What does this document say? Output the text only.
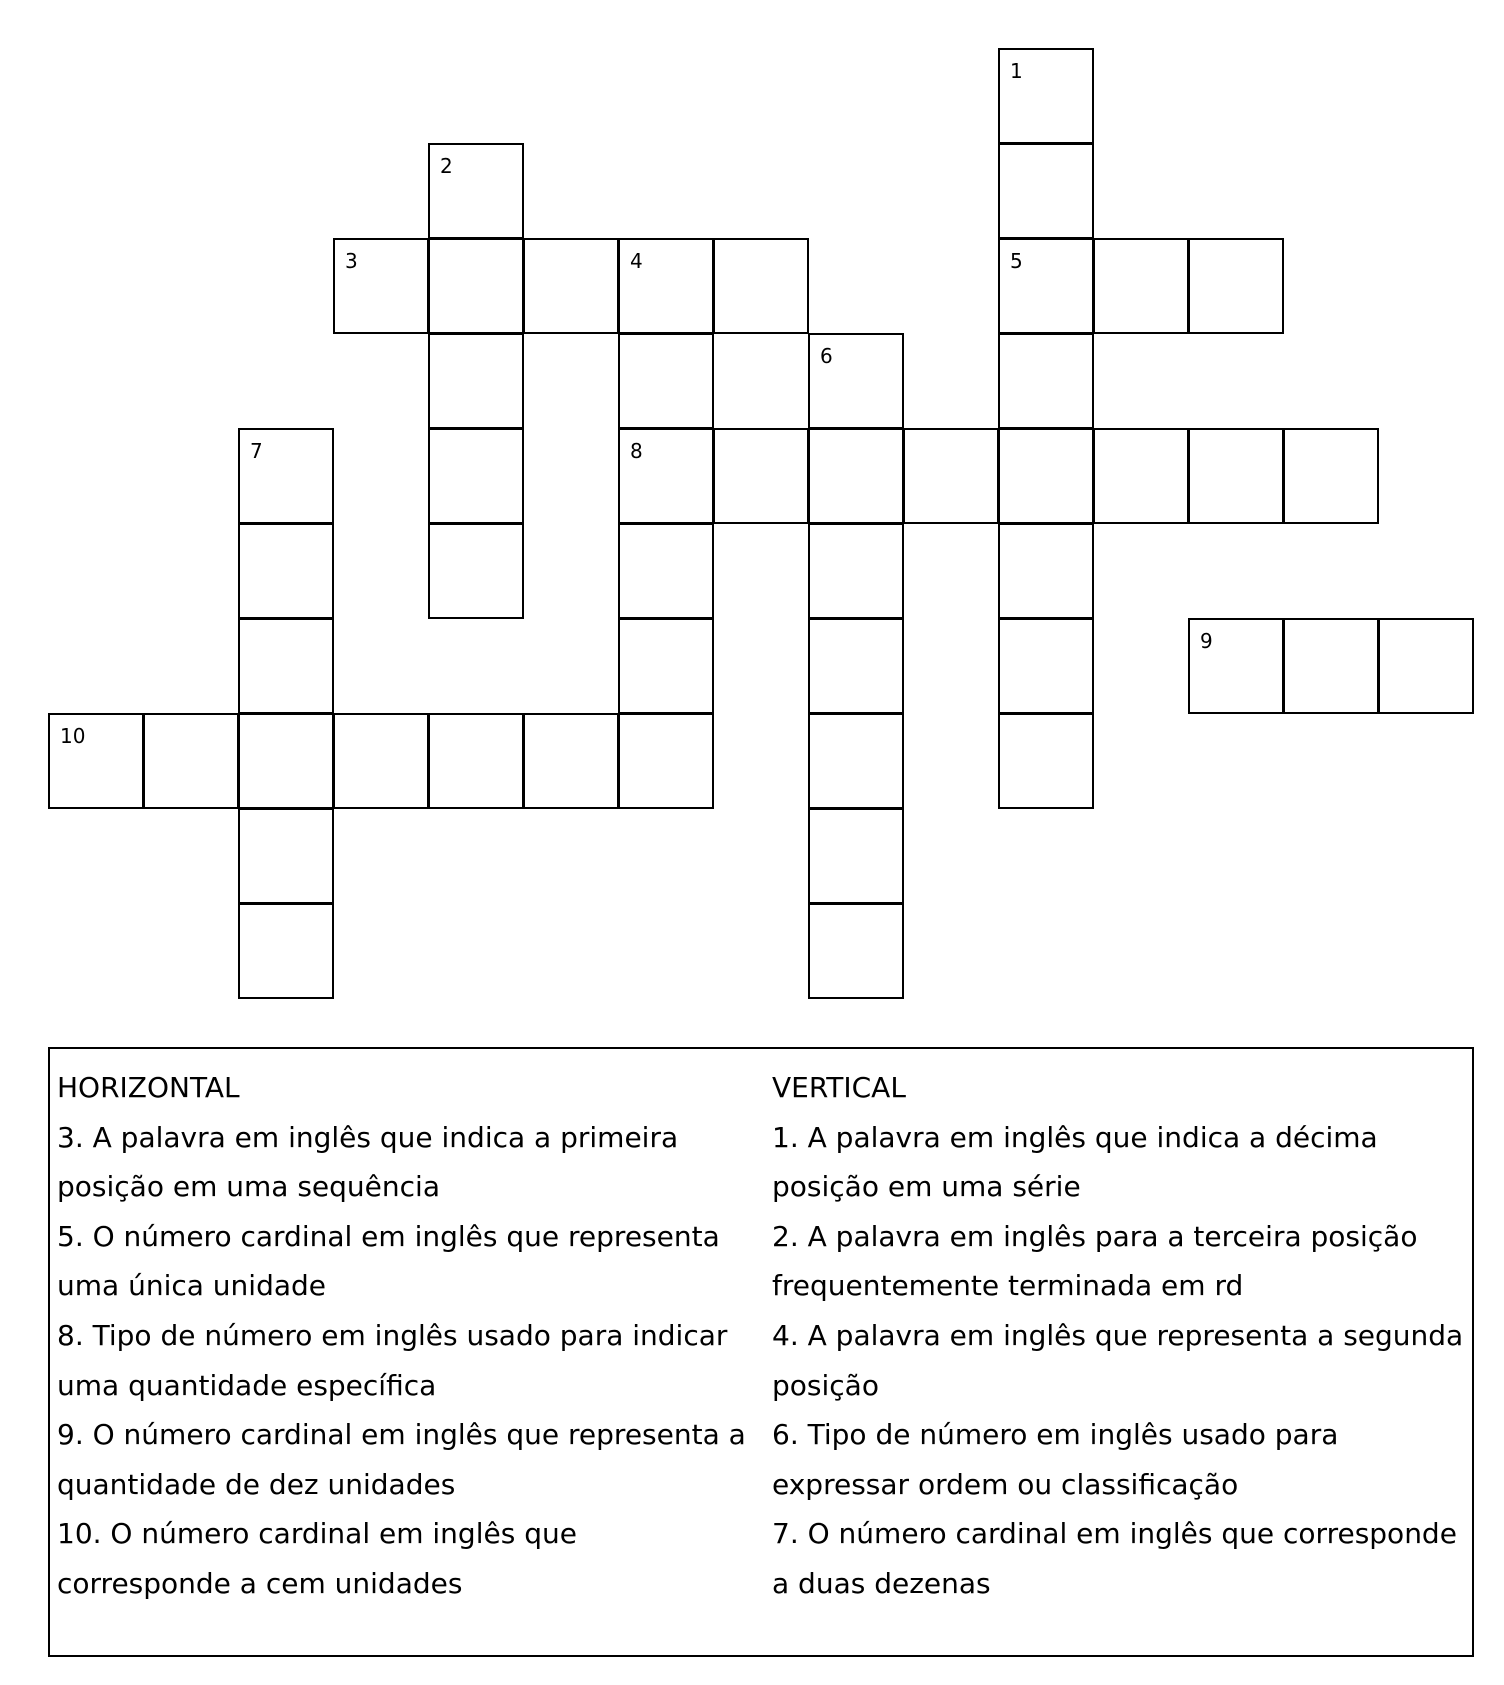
1
5
2
3	4
8
6
7
9
10
HORIZONTAL
3. A palavra em inglês que indica a primeira posição em uma sequência
5. O número cardinal em inglês que representa uma única unidade
8. Tipo de número em inglês usado para indicar uma quantidade específica
9. O número cardinal em inglês que representa a quantidade de dez unidades
10. O número cardinal em inglês que corresponde a cem unidades
VERTICAL
1. A palavra em inglês que indica a décima posição em uma série
2. A palavra em inglês para a terceira posição frequentemente terminada em rd
4. A palavra em inglês que representa a segunda posição
6. Tipo de número em inglês usado para expressar ordem ou classificação
7. O número cardinal em inglês que corresponde a duas dezenas
